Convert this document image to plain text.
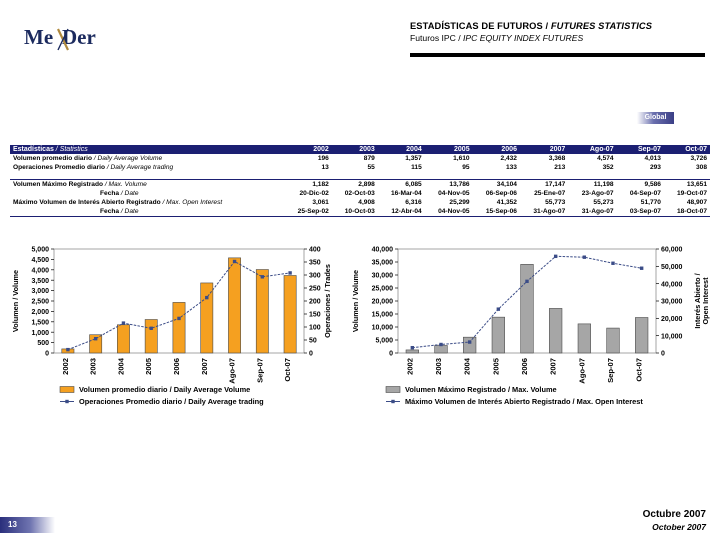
Me Der	ESTADÍSTICAS DE FUTUROS / FUTURES STATISTICS
Futuros IPC / IPC EQUITY INDEX FUTURES
Global
Estadísticas / Statistics	2002	2003	2004	2005	2006	2007	Ago-07	Sep-07	Oct-07
Volumen promedio diario / Daily Average Volume	196	879	1,357	1,610	2,432	3,368	4,574	4,013	3,726
Operaciones Promedio diario / Daily Average trading	13	55	115	95	133	213	352	293	308

Volumen Máximo Registrado / Max. Volume	1,182	2,898	6,085	13,786	34,104	17,147	11,198	9,586	13,651
Fecha / Date	20-Dic-02	02-Oct-03	16-Mar-04	04-Nov-05	06-Sep-06	25-Ene-07	23-Ago-07	04-Sep-07	19-Oct-07
Máximo Volumen de Interés Abierto Registrado / Max. Open Interest	3,061	4,908	6,316	25,299	41,352	55,773	55,273	51,770	48,907
Fecha / Date	25-Sep-02	10-Oct-03	12-Abr-04	04-Nov-05	15-Sep-06	31-Ago-07	31-Ago-07	03-Sep-07	18-Oct-07
0
500
1,000
1,500
2,000
2,500
3,000
3,500
4,000
4,500
5,000
0
50
100
150
200
250
300
350
400
2002 2003 2004 2005 2006 2007 Ago-07 Sep-07 Oct-07
Volumen / Volume	Operaciones / Trades
Volumen promedio diario / Daily Average Volume
Operaciones Promedio diario / Daily Average trading
0
5,000
10,000
15,000
20,000
25,000
30,000
35,000
40,000
0
10,000
20,000
30,000
40,000
50,000
60,000
2002	2003	2004	2005	2006	2007	Ago-07	Sep-07	Oct-07
Volumen / Volume	Interés Abierto / Open Interest
Volumen Máximo Registrado / Max. Volume
Máximo Volumen de Interés Abierto Registrado / Max. Open Interest
13
Octubre 2007
October 2007
